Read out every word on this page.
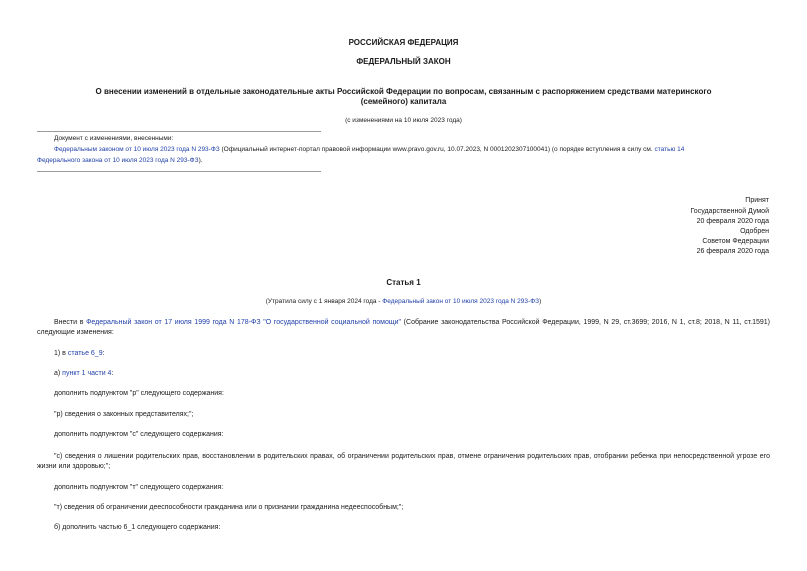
РОССИЙСКАЯ ФЕДЕРАЦИЯ
ФЕДЕРАЛЬНЫЙ ЗАКОН
О внесении изменений в отдельные законодательные акты Российской Федерации по вопросам, связанным с распоряжением средствами материнского
(семейного) капитала
(с изменениями на 10 июля 2023 года)
Документ с изменениями, внесенными:
Федеральным законом от 10 июля 2023 года N 293-ФЗ (Официальный интернет-портал правовой информации www.pravo.gov.ru, 10.07.2023, N 0001202307100041) (о порядке вступления в силу см. статью 14
Федерального закона от 10 июля 2023 года N 293-ФЗ).
Принят
Государственной Думой
20 февраля 2020 года
Одобрен
Советом Федерации
26 февраля 2020 года
Статья 1
(Утратила силу с 1 января 2024 года - Федеральный закон от 10 июля 2023 года N 293-ФЗ)
Внести в Федеральный закон от 17 июля 1999 года N 178-ФЗ "О государственной социальной помощи" (Собрание законодательства Российской Федерации, 1999, N 29, ст.3699; 2016, N 1, ст.8; 2018, N 11, ст.1591) следующие изменения:
1) в статье 6_9:
а) пункт 1 части 4:
дополнить подпунктом "р" следующего содержания:
"р) сведения о законных представителях;";
дополнить подпунктом "с" следующего содержания:
"с) сведения о лишении родительских прав, восстановлении в родительских правах, об ограничении родительских прав, отмене ограничения родительских прав, отобрании ребенка при непосредственной угрозе его жизни или здоровью;";
дополнить подпунктом "т" следующего содержания:
"т) сведения об ограничении дееспособности гражданина или о признании гражданина недееспособным;";
б) дополнить частью 6_1 следующего содержания:
